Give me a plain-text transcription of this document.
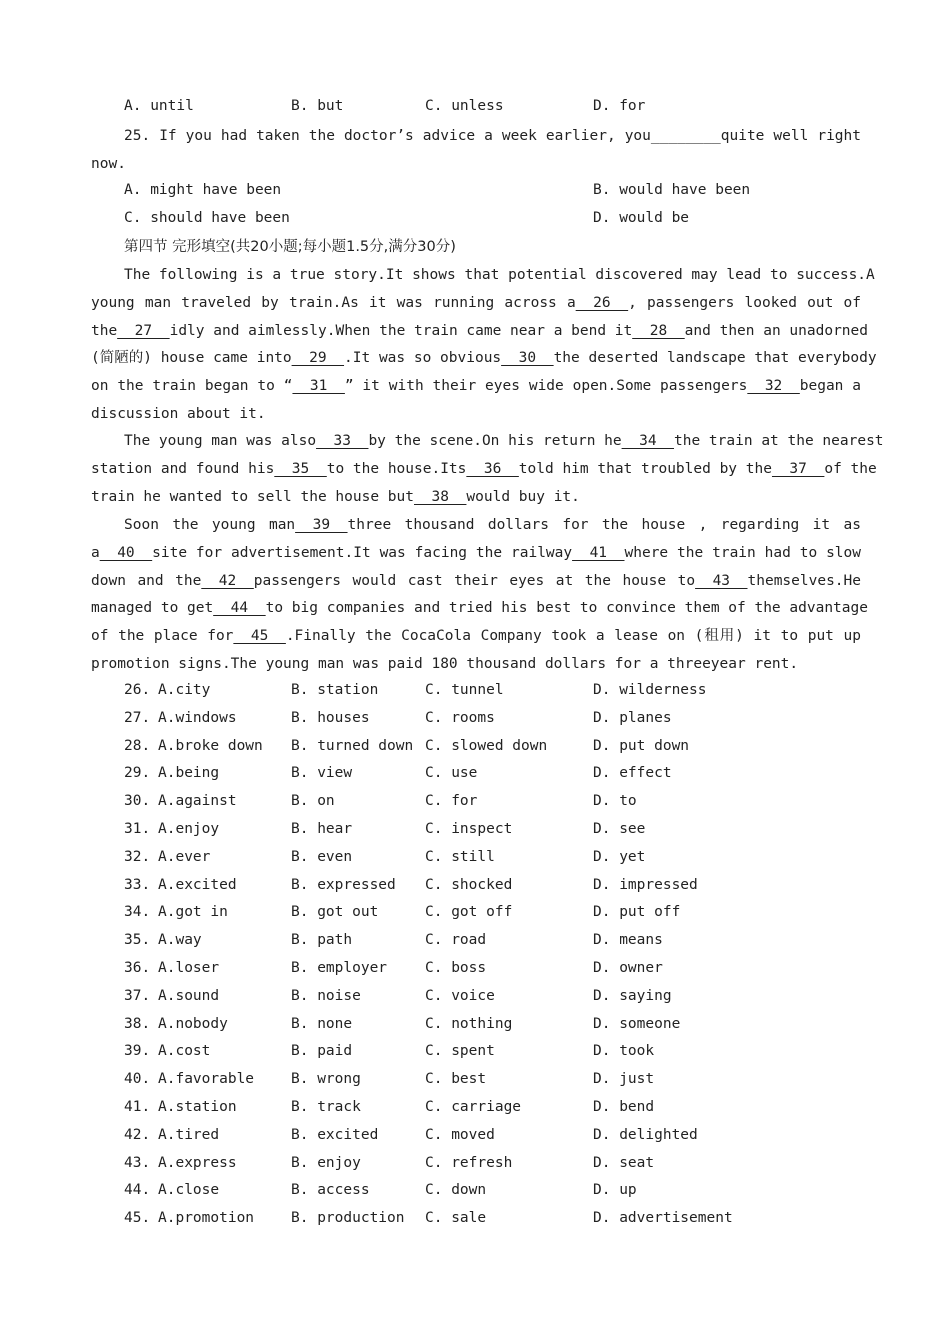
A. until	B. but	C. unless	D. for
25. If you had taken the doctor’s advice a week earlier, you________quite well right
now.
A. might have been	B. would have been
C. should have been	D. would be
第四节 完形填空(共20小题;每小题1.5分,满分30分)
The following is a true story.It shows that potential discovered may lead to success.A
young man traveled by train.As it was running across a__26__, passengers looked out of
the__27__idly and aimlessly.When the train came near a bend it__28__and then an unadorned
(简陋的) house came into__29__.It was so obvious__30__the deserted landscape that everybody
on the train began to “__31__” it with their eyes wide open.Some passengers__32__began a
discussion about it.
The young man was also__33__by the scene.On his return he__34__the train at the nearest
station and found his__35__to the house.Its__36__told him that troubled by the__37__of the
train he wanted to sell the house but__38__would buy it.
Soon the young man__39__three thousand dollars for the house , regarding it as
a__40__site for advertisement.It was facing the railway__41__where the train had to slow
down and the__42__passengers would cast their eyes at the house to__43__themselves.He
managed to get__44__to big companies and tried his best to convince them of the advantage
of the place for__45__.Finally the CocaCola Company took a lease on (租用) it to put up
promotion signs.The young man was paid 180 thousand dollars for a threeyear rent.
26. A.city	B. station	C. tunnel	D. wilderness
27. A.windows	B. houses	C. rooms	D. planes
28. A.broke down B. turned down C. slowed down	D. put down
29. A.being	B. view	C. use	D. effect
30. A.against	B. on	C. for	D. to
31. A.enjoy	B. hear	C. inspect	D. see
32. A.ever	B. even	C. still	D. yet
33. A.excited	B. expressed C. shocked	D. impressed
34. A.got in	B. got out	C. got off	D. put off
35. A.way	B. path	C. road	D. means
36. A.loser	B. employer	C. boss	D. owner
37. A.sound	B. noise	C. voice	D. saying
38. A.nobody	B. none	C. nothing	D. someone
39. A.cost	B. paid	C. spent	D. took
40. A.favorable	B. wrong	C. best	D. just
41. A.station	B. track	C. carriage	D. bend
42. A.tired	B. excited	C. moved	D. delighted
43. A.express	B. enjoy	C. refresh	D. seat
44. A.close	B. access	C. down	D. up
45. A.promotion	B. production C. sale	D. advertisement
